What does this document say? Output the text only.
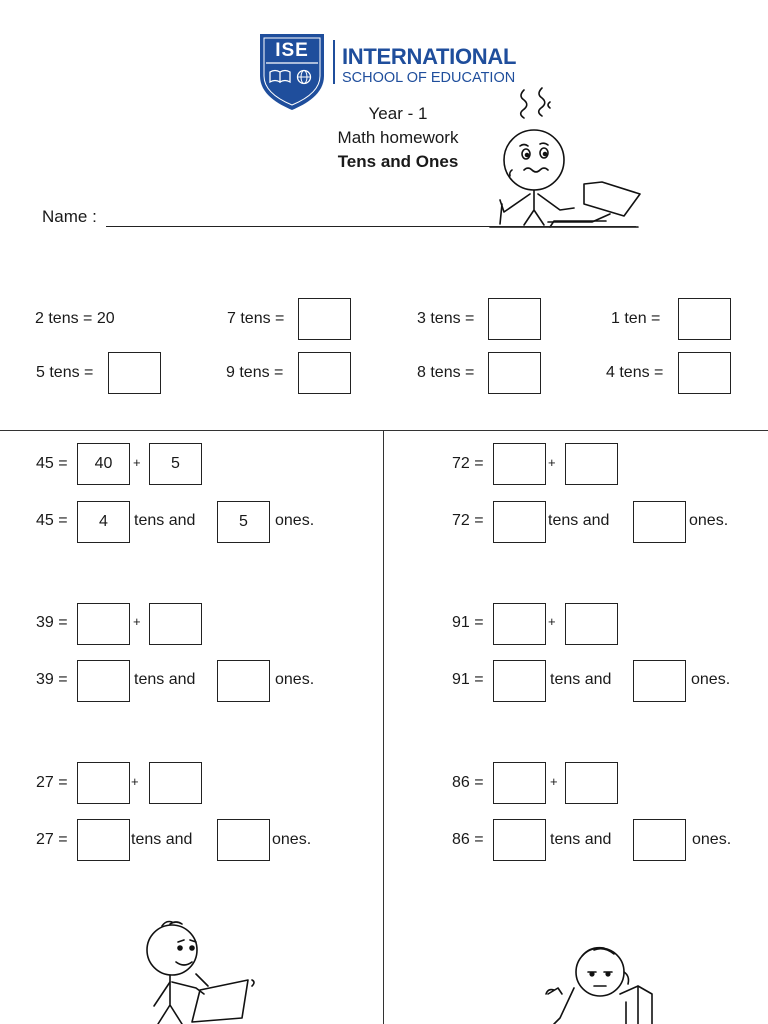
ISE INTERNATIONAL
SCHOOL OF EDUCATION
Year - 1
Math homework
Tens and Ones
Name :
2 tens = 20	7 tens =	3 tens =	1 ten =
5 tens =	9 tens =	8 tens =	4 tens =
45 =	40	+	5
45 =	4	tens and	5	ones.
72 =	+
72 =	tens and	ones.
39 =	+
39 =	tens and	ones.
91 =	+
91 =	tens and	ones.
27 =	+
27 =	tens and	ones.
86 =	+
86 =	tens and	ones.
